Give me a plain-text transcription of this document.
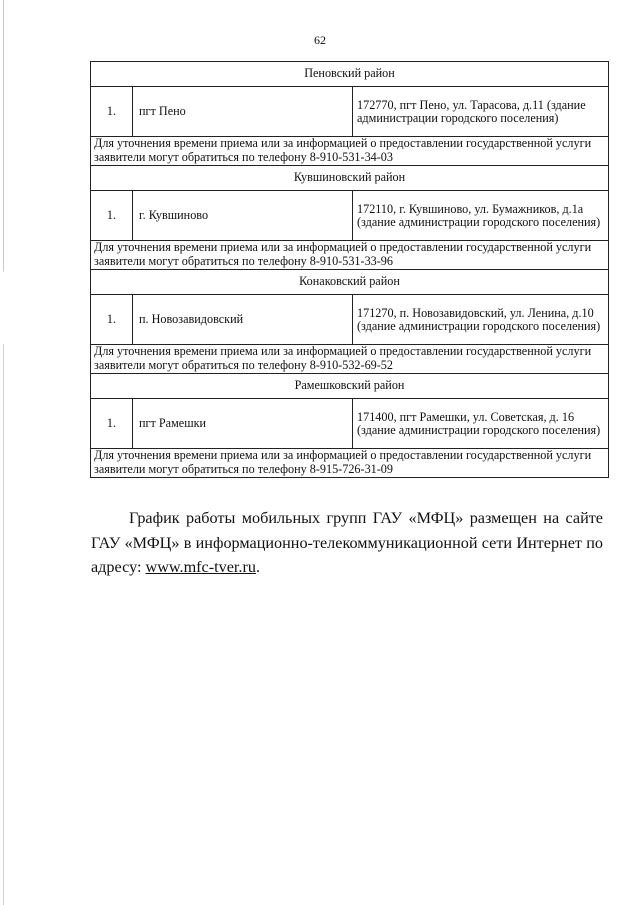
62
Пеновский район		
1.	пгт Пено	172770, пгт Пено, ул. Тарасова, д.11 (здание администрации городского поселения)
Для уточнения времени приема или за информацией о предоставлении государственной услуги заявители могут обратиться по телефону 8-910-531-34-03		
Кувшиновский район		
1.	г. Кувшиново	172110, г. Кувшиново, ул. Бумажников, д.1а (здание администрации городского поселения)
Для уточнения времени приема или за информацией о предоставлении государственной услуги заявители могут обратиться по телефону 8-910-531-33-96		
Конаковский район		
1.	п. Новозавидовский	171270, п. Новозавидовский, ул. Ленина, д.10 (здание администрации городского поселения)
Для уточнения времени приема или за информацией о предоставлении государственной услуги заявители могут обратиться по телефону 8-910-532-69-52		
Рамешковский район		
1.	пгт Рамешки	171400, пгт Рамешки, ул. Советская, д. 16 (здание администрации городского поселения)
Для уточнения времени приема или за информацией о предоставлении государственной услуги заявители могут обратиться по телефону 8-915-726-31-09		

График работы мобильных групп ГАУ «МФЦ» размещен на сайте ГАУ «МФЦ» в информационно-телекоммуникационной сети Интернет по адресу: www.mfc-tver.ru.
